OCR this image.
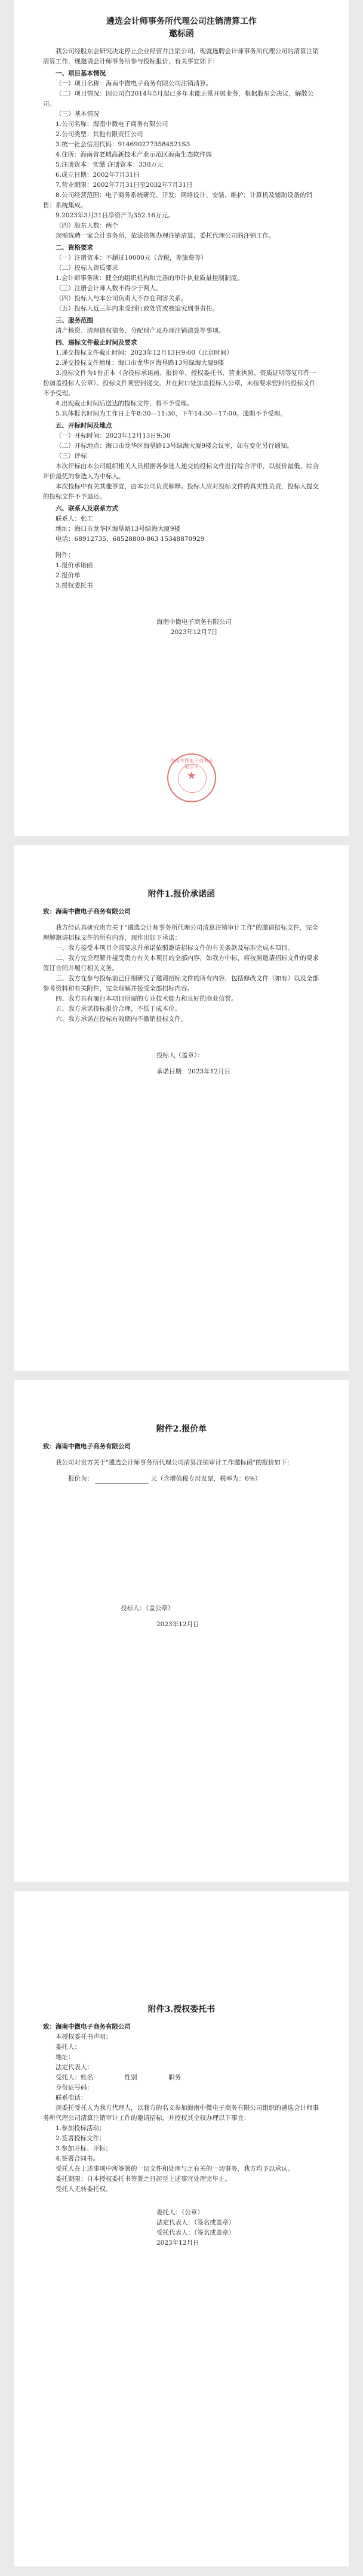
遴选会计师事务所代理公司注销清算工作
邀标函

我公司经股东会研究决定停止企业经营并注销公司，现就选聘会计师事务所代理公司的清算注销清算工作，现邀请会计师事务所参与投标报价，有关事宜如下：

一、项目基本情况

（一）项目名称：海南中微电子商务有限公司注销清算。

（二）项目情况：因公司自2014年5月起已多年未能正常开展业务，根据股东会决议，解散公司。

（三）基本情况

1.公司名称：海南中微电子商务有限公司

2.公司类型：其他有限责任公司

3.统一社会信用代码：9146902773584521S3

4.住所：海南省老城高新技术产业示范区海南生态软件园

5.注册资本：实缴 注册资本：330万元

6.成立日期：2002年7月31日

7.营业期限：2002年7月31日至2032年7月31日

8.公司经营范围：电子商务系统研究、开发；网络设计、安装、维护；计算机及辅助设备的销售；系统集成。

9.2023年3月31日净资产为352.16万元。

（四）股东人数：两个

现需选聘一家会计事务所，依法依规办理注销清算，委托代理公司的注销工作。

二、资格要求

（一）注册资本：不超过10000元（含税，差旅费等）

（二）投标人资质要求

1.会计师事务所：健全的组织机构和完善的审计执业质量控制制度。

（三）注册会计师人数不得少于两人。

（四）投标人与本公司负责人不存在利害关系。

（五）投标人近三年内未受到行政处罚或被追究刑事责任。

三、服务范围

清产核资、清理债权债务、分配财产及办理注销清算等事项。

四、递标文件截止时间及要求

1.递交投标文件截止时间：2023年12月13日9:00（北京时间）

2.递交投标文件地址：海口市龙华区海垦路13号绿海大厦9楼

3.投标文件为1份正本（含投标承诺函、报价单、授权委托书、营业执照、资质证明等复印件一份加盖投标人公章）。投标文件须密封递交，并在封口处加盖投标人公章，未按要求密封的投标文件不予受理。

4.出现截止时间后送达的投标文件，将不予受理。

5.具体报名时间为工作日上午8:30—11:30，下午14:30—17:00。逾期不予受理。

五、开标时间及地点

（一）开标时间：2023年12月13日9:30

（二）开标地点：海口市龙华区海垦路13号绿海大厦9楼会议室，如有变化另行通知。

（三）评标

本次评标由本公司组织相关人员根据各参选人递交的投标文件进行综合评审，以报价最低、综合评价最优的参选人为中标人。

本次投标中有关其他事宜，由本公司负责解释。投标人应对投标文件的真实性负责，投标人提交的投标文件不予退还。

六、联系人及联系方式

联系人：张工

地址：海口市龙华区海垦路13号绿海大厦9楼

电话：68912735、68528800-863 15348870929

附件：

1.报价承诺函

2.报价单

3.授权委托书

海南中微电子商务有限公司

2023年12月7日

海南中微电子商务有限公司
★
附件1.报价承诺函

致：海南中微电子商务有限公司

我方经认真研究贵方关于"遴选会计师事务所代理公司清算注销审计工作"的邀请招标文件，完全理解邀请招标文件的所有内容，现作出如下承诺：

一、我方接受本项目全部要求并承诺依照邀请招标文件的有关条款及标准完成本项目。

二、我方完全理解并接受贵方有关本项目的全部内容，如我方中标，将按照邀请招标文件的要求签订合同并履行相关义务。

三、我方在参与投标前已仔细研究了邀请招标文件的所有内容，包括修改文件（如有）以及全部参考资料和有关附件，完全理解并接受全部招标内容。

四、我方具有履行本项目所需的专业技术能力和良好的商业信誉。

五、我方承诺投标报价合理，不低于成本价。

六、我方承诺在投标有效期内不撤销投标文件。

投标人（盖章）：

承诺日期：2023年12月日

附件2.报价单

致：海南中微电子商务有限公司

我公司对贵方关于"遴选会计师事务所代理公司清算注销审计工作邀标函"的报价如下：

报价为：	元（含增值税专用发票，税率为：6%）

投标人：（盖公章）

2023年12月日

附件3.授权委托书

致：海南中微电子商务有限公司

本授权委托书声明：

委托人：

地址：

法定代表人：

受托人：姓名　　　　　性别　　　　　职务

身份证号码：

联系电话：

现委托受托人为我方代理人，以我方的名义参加海南中微电子商务有限公司组织的遴选会计师事务所代理公司清算注销审计工作的邀请招标，并授权其全权办理以下事宜：

1.参加投标活动；

2.签署投标文件；

3.参加开标、评标；

4.签署合同书。

受托人在上述事项中所签署的一切文件和处理与之有关的一切事务，我方均予以承认。

委托期限：自本授权委托书签署之日起至上述事宜处理完毕止。

受托人无转委托权。

委托人：（公章）

法定代表人：（签名或盖章）

受托代表人：（签名或盖章）

2023年12月日
